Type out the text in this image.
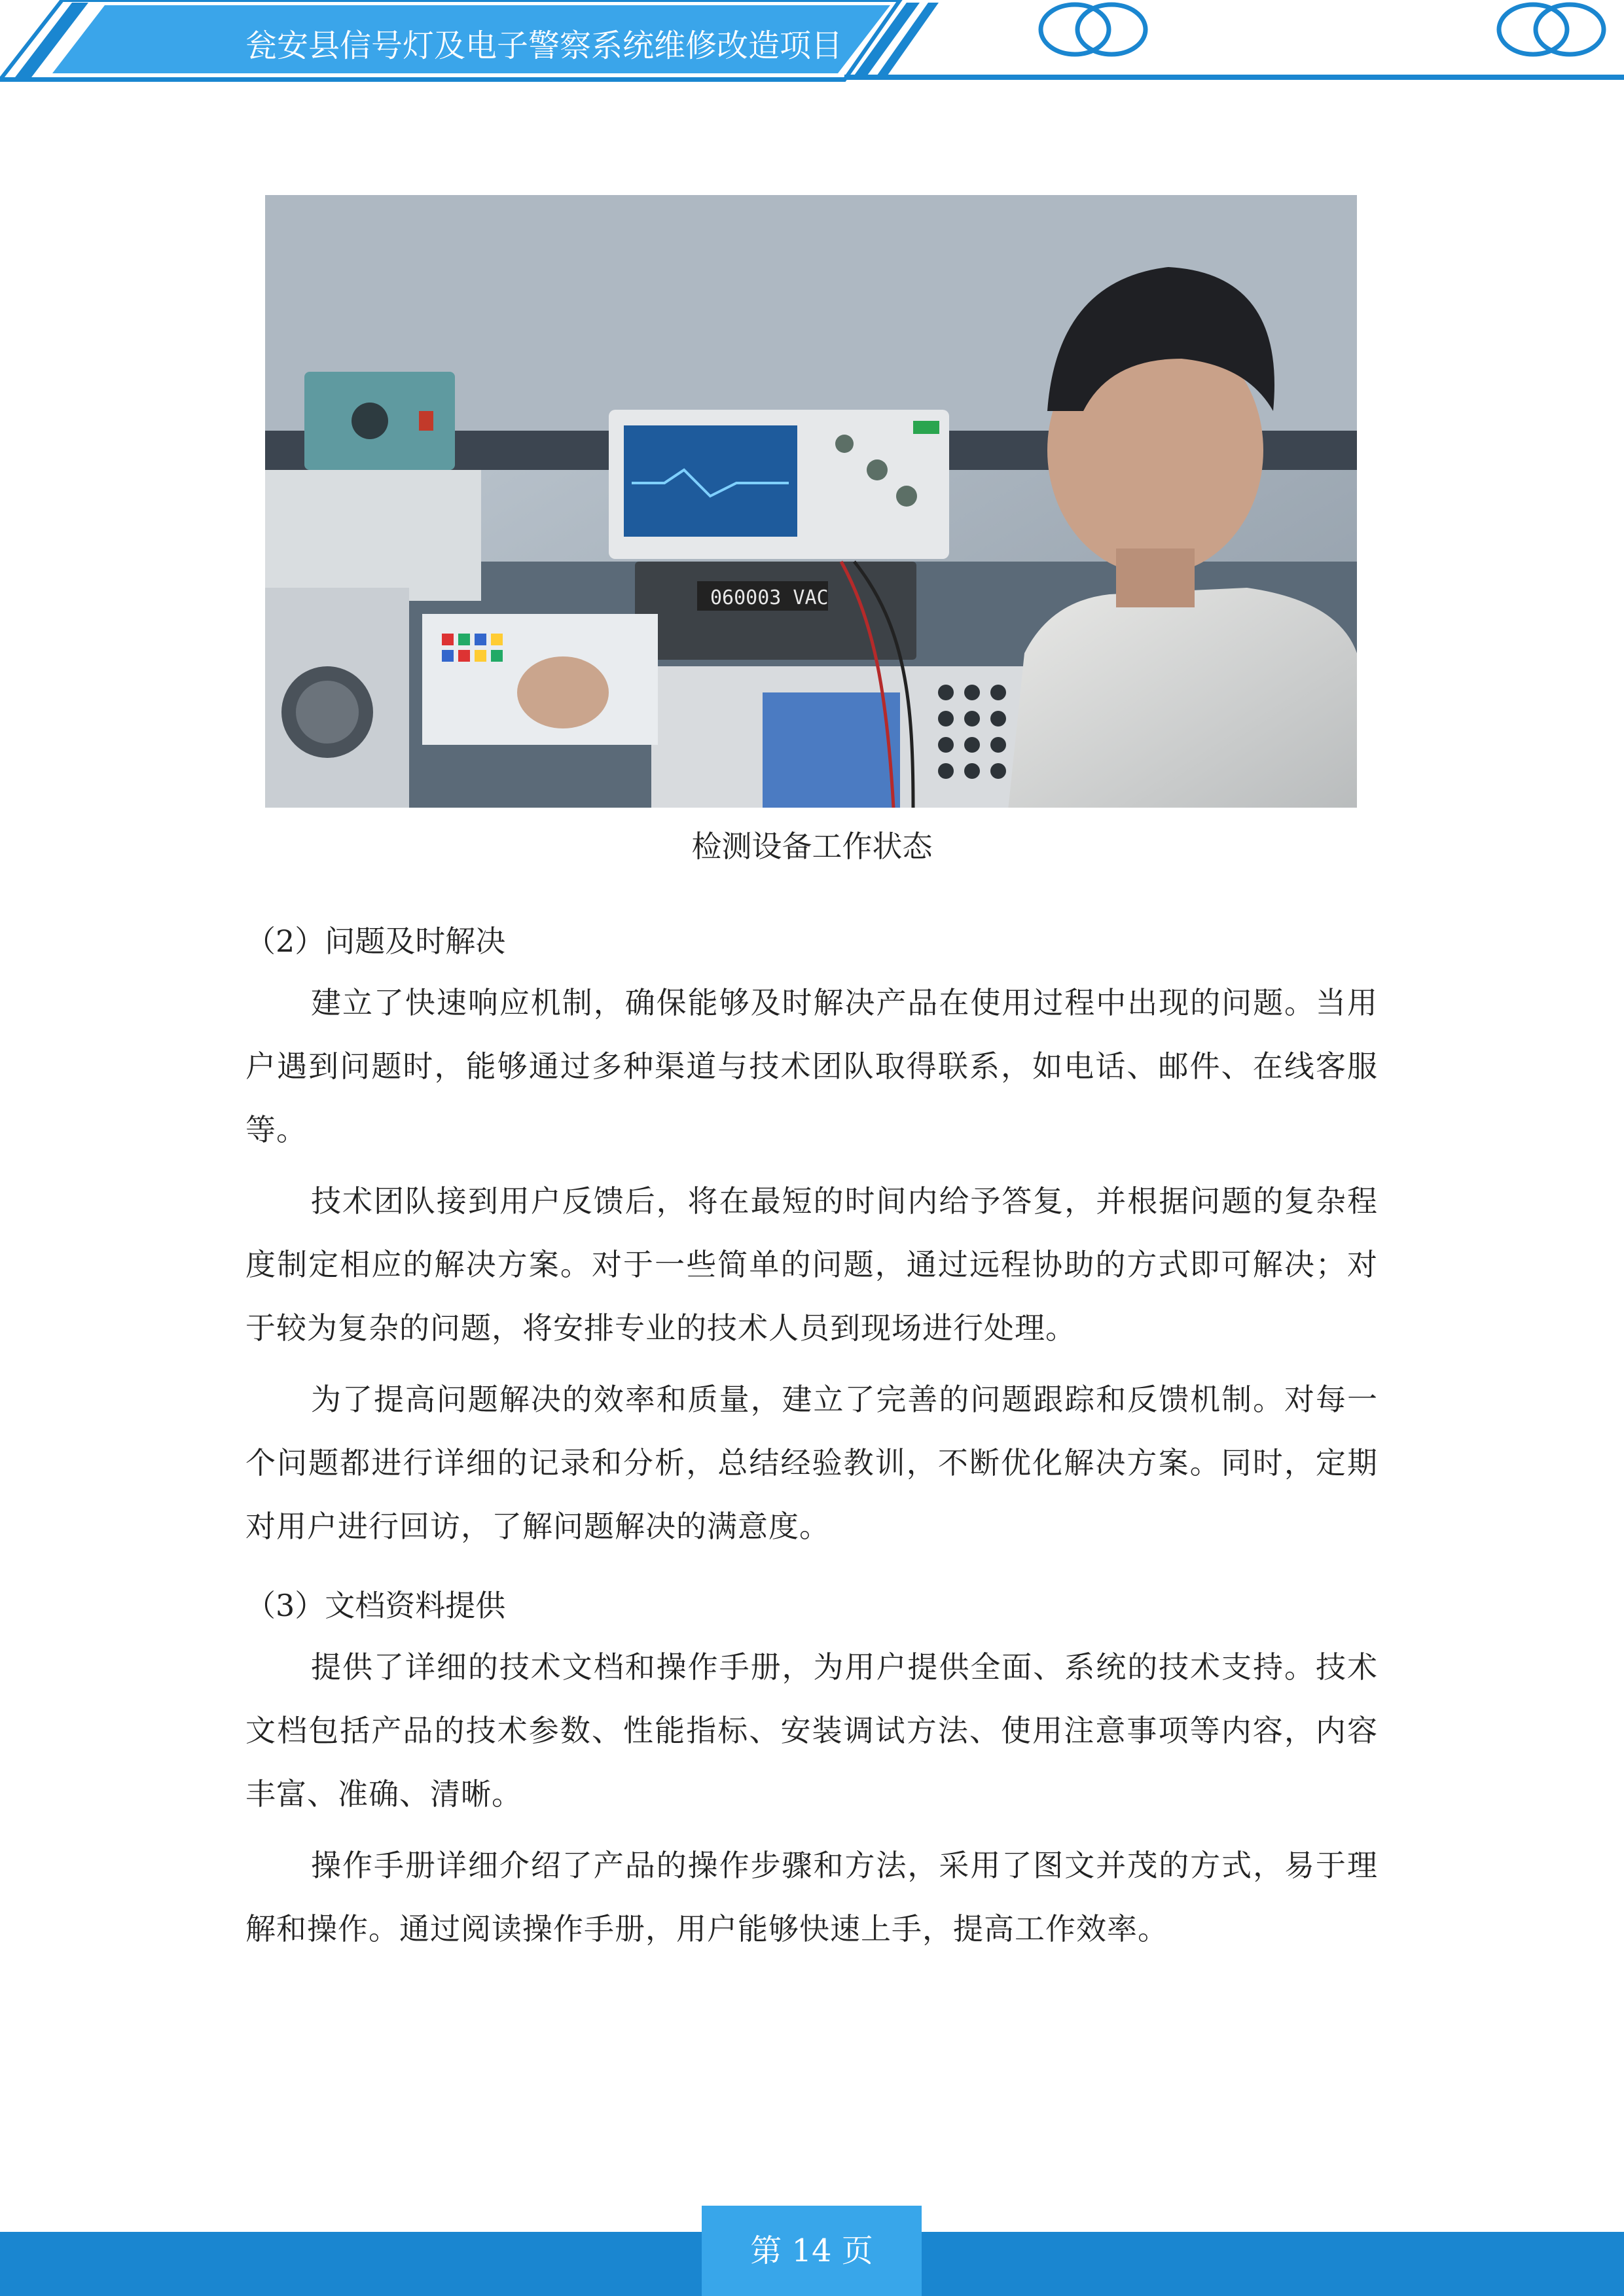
瓮安县信号灯及电子警察系统维修改造项目
060003 VAC
检测设备工作状态
（2）问题及时解决

建立了快速响应机制，确保能够及时解决产品在使用过程中出现的问题。当用户遇到问题时，能够通过多种渠道与技术团队取得联系，如电话、邮件、在线客服等。

技术团队接到用户反馈后，将在最短的时间内给予答复，并根据问题的复杂程度制定相应的解决方案。对于一些简单的问题，通过远程协助的方式即可解决；对于较为复杂的问题，将安排专业的技术人员到现场进行处理。

为了提高问题解决的效率和质量，建立了完善的问题跟踪和反馈机制。对每一个问题都进行详细的记录和分析，总结经验教训，不断优化解决方案。同时，定期对用户进行回访，了解问题解决的满意度。

（3）文档资料提供

提供了详细的技术文档和操作手册，为用户提供全面、系统的技术支持。技术文档包括产品的技术参数、性能指标、安装调试方法、使用注意事项等内容，内容丰富、准确、清晰。

操作手册详细介绍了产品的操作步骤和方法，采用了图文并茂的方式，易于理解和操作。通过阅读操作手册，用户能够快速上手，提高工作效率。

第 14 页
